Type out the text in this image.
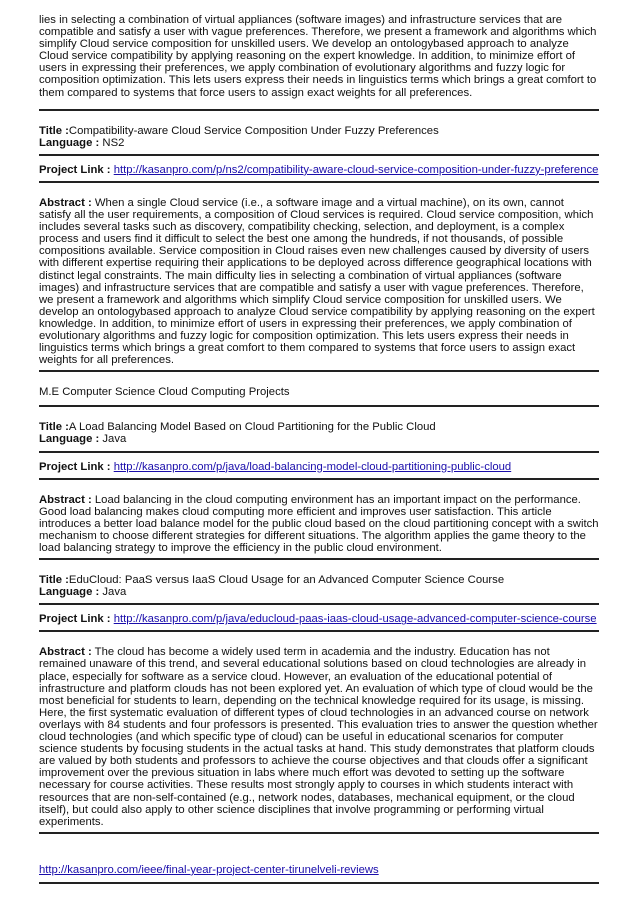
lies in selecting a combination of virtual appliances (software images) and infrastructure services that are compatible and satisfy a user with vague preferences. Therefore, we present a framework and algorithms which simplify Cloud service composition for unskilled users. We develop an ontologybased approach to analyze Cloud service compatibility by applying reasoning on the expert knowledge. In addition, to minimize effort of users in expressing their preferences, we apply combination of evolutionary algorithms and fuzzy logic for composition optimization. This lets users express their needs in linguistics terms which brings a great comfort to them compared to systems that force users to assign exact weights for all preferences.

Title :Compatibility-aware Cloud Service Composition Under Fuzzy Preferences
Language : NS2
Project Link : http://kasanpro.com/p/ns2/compatibility-aware-cloud-service-composition-under-fuzzy-preference

Abstract : When a single Cloud service (i.e., a software image and a virtual machine), on its own, cannot satisfy all the user requirements, a composition of Cloud services is required. Cloud service composition, which includes several tasks such as discovery, compatibility checking, selection, and deployment, is a complex process and users find it difficult to select the best one among the hundreds, if not thousands, of possible compositions available. Service composition in Cloud raises even new challenges caused by diversity of users with different expertise requiring their applications to be deployed across difference geographical locations with distinct legal constraints. The main difficulty lies in selecting a combination of virtual appliances (software images) and infrastructure services that are compatible and satisfy a user with vague preferences. Therefore, we present a framework and algorithms which simplify Cloud service composition for unskilled users. We develop an ontologybased approach to analyze Cloud service compatibility by applying reasoning on the expert knowledge. In addition, to minimize effort of users in expressing their preferences, we apply combination of evolutionary algorithms and fuzzy logic for composition optimization. This lets users express their needs in linguistics terms which brings a great comfort to them compared to systems that force users to assign exact weights for all preferences.

M.E Computer Science Cloud Computing Projects
Title :A Load Balancing Model Based on Cloud Partitioning for the Public Cloud
Language : Java
Project Link : http://kasanpro.com/p/java/load-balancing-model-cloud-partitioning-public-cloud

Abstract : Load balancing in the cloud computing environment has an important impact on the performance. Good load balancing makes cloud computing more efficient and improves user satisfaction. This article introduces a better load balance model for the public cloud based on the cloud partitioning concept with a switch mechanism to choose different strategies for different situations. The algorithm applies the game theory to the load balancing strategy to improve the efficiency in the public cloud environment.

Title :EduCloud: PaaS versus IaaS Cloud Usage for an Advanced Computer Science Course
Language : Java
Project Link : http://kasanpro.com/p/java/educloud-paas-iaas-cloud-usage-advanced-computer-science-course

Abstract : The cloud has become a widely used term in academia and the industry. Education has not remained unaware of this trend, and several educational solutions based on cloud technologies are already in place, especially for software as a service cloud. However, an evaluation of the educational potential of infrastructure and platform clouds has not been explored yet. An evaluation of which type of cloud would be the most beneficial for students to learn, depending on the technical knowledge required for its usage, is missing. Here, the first systematic evaluation of different types of cloud technologies in an advanced course on network overlays with 84 students and four professors is presented. This evaluation tries to answer the question whether cloud technologies (and which specific type of cloud) can be useful in educational scenarios for computer science students by focusing students in the actual tasks at hand. This study demonstrates that platform clouds are valued by both students and professors to achieve the course objectives and that clouds offer a significant improvement over the previous situation in labs where much effort was devoted to setting up the software necessary for course activities. These results most strongly apply to courses in which students interact with resources that are non-self-contained (e.g., network nodes, databases, mechanical equipment, or the cloud itself), but could also apply to other science disciplines that involve programming or performing virtual experiments.

http://kasanpro.com/ieee/final-year-project-center-tirunelveli-reviews
